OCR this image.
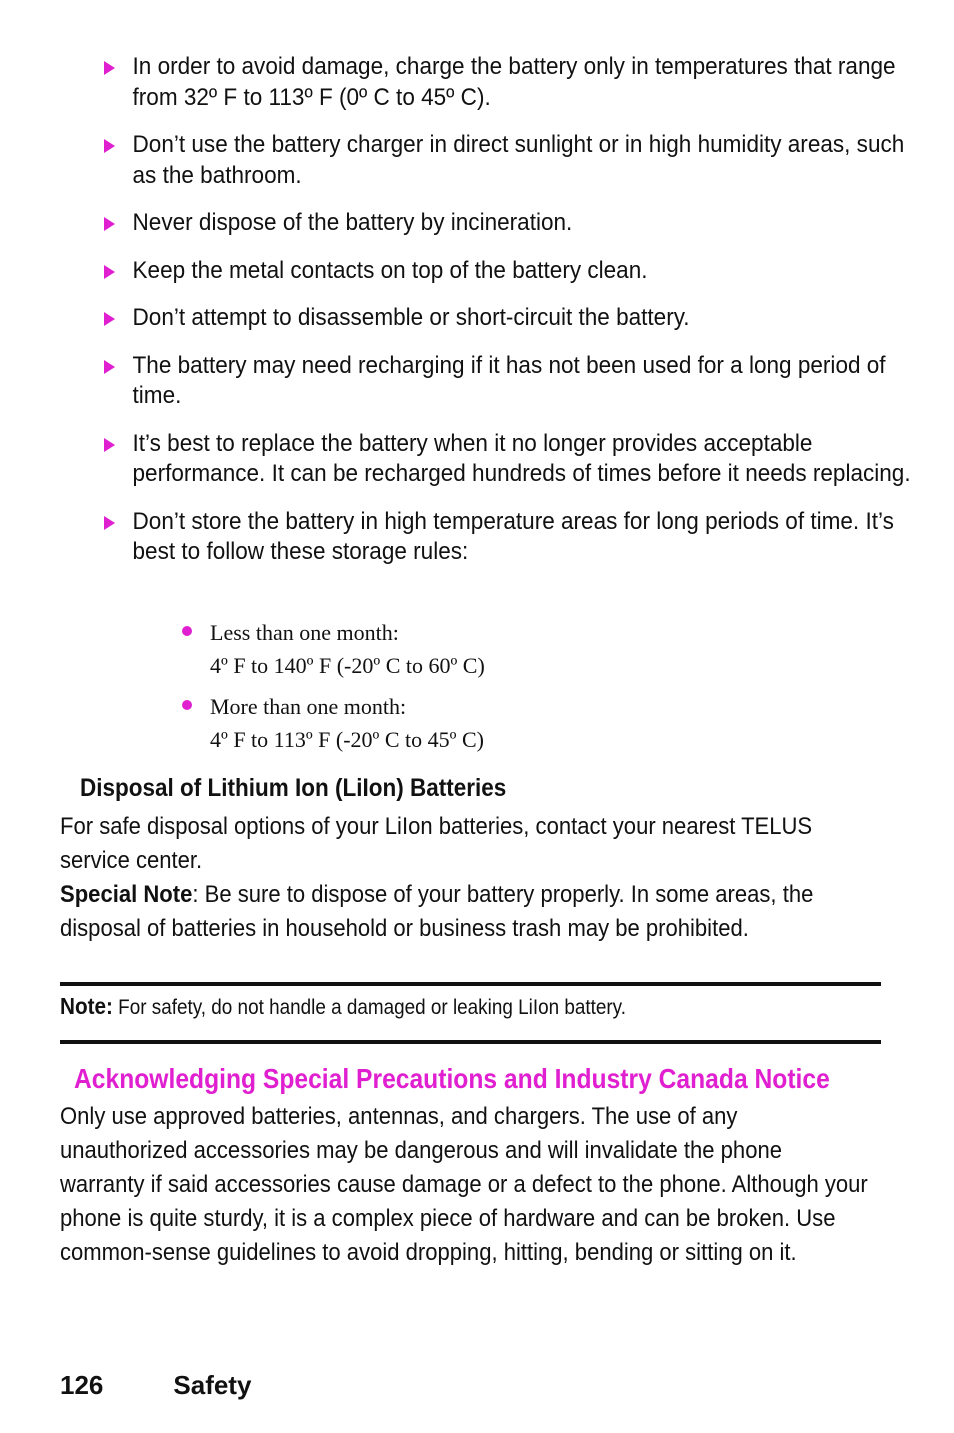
In order to avoid damage, charge the battery only in temperatures that range from 32º F to 113º F (0º C to 45º C).
Don’t use the battery charger in direct sunlight or in high humidity areas, such as the bathroom.
Never dispose of the battery by incineration.
Keep the metal contacts on top of the battery clean.
Don’t attempt to disassemble or short-circuit the battery.
The battery may need recharging if it has not been used for a long period of time.
It’s best to replace the battery when it no longer provides acceptable performance. It can be recharged hundreds of times before it needs replacing.
Don’t store the battery in high temperature areas for long periods of time. It’s best to follow these storage rules:
Less than one month:
4º F to 140º F (-20º C to 60º C)
More than one month:
4º F to 113º F (-20º C to 45º C)
Disposal of Lithium Ion (LiIon) Batteries
For safe disposal options of your LiIon batteries, contact your nearest TELUS service center.
Special Note: Be sure to dispose of your battery properly. In some areas, the disposal of batteries in household or business trash may be prohibited.
Note: For safety, do not handle a damaged or leaking LiIon battery.
Acknowledging Special Precautions and Industry Canada Notice
Only use approved batteries, antennas, and chargers. The use of any unauthorized accessories may be dangerous and will invalidate the phone warranty if said accessories cause damage or a defect to the phone. Although your phone is quite sturdy, it is a complex piece of hardware and can be broken. Use common-sense guidelines to avoid dropping, hitting, bending or sitting on it.
126	Safety
